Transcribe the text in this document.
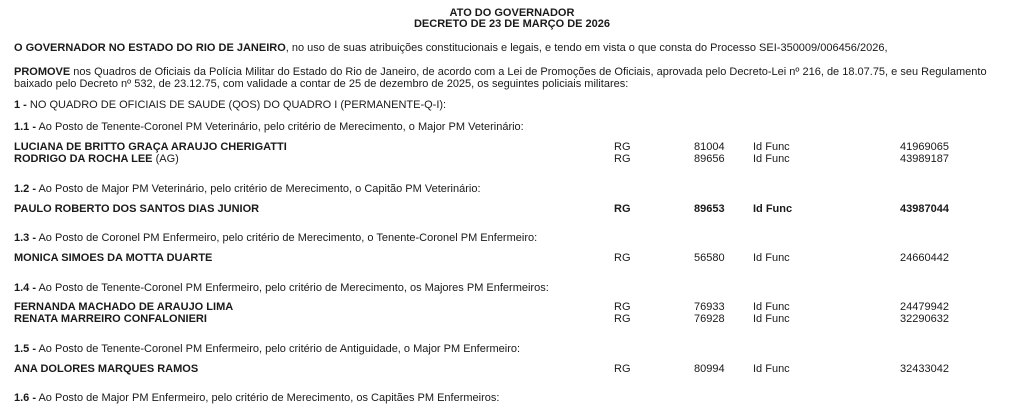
ATO DO GOVERNADOR
DECRETO DE 23 DE MARÇO DE 2026
O GOVERNADOR NO ESTADO DO RIO DE JANEIRO, no uso de suas atribuições constitucionais e legais, e tendo em vista o que consta do Processo SEI-350009/006456/2026,
PROMOVE nos Quadros de Oficiais da Polícia Militar do Estado do Rio de Janeiro, de acordo com a Lei de Promoções de Oficiais, aprovada pelo Decreto-Lei nº 216, de 18.07.75, e seu Regulamento baixado pelo Decreto nº 532, de 23.12.75, com validade a contar de 25 de dezembro de 2025, os seguintes policiais militares:
1 - NO QUADRO DE OFICIAIS DE SAUDE (QOS) DO QUADRO I (PERMANENTE-Q-I):
1.1 - Ao Posto de Tenente-Coronel PM Veterinário, pelo critério de Merecimento, o Major PM Veterinário:
LUCIANA DE BRITTO GRAÇA ARAUJO CHERIGATTI	RG	81004	Id Func	41969065
RODRIGO DA ROCHA LEE (AG)	RG	89656	Id Func	43989187
1.2 - Ao Posto de Major PM Veterinário, pelo critério de Merecimento, o Capitão PM Veterinário:
PAULO ROBERTO DOS SANTOS DIAS JUNIOR	RG	89653	Id Func	43987044
1.3 - Ao Posto de Coronel PM Enfermeiro, pelo critério de Merecimento, o Tenente-Coronel PM Enfermeiro:
MONICA SIMOES DA MOTTA DUARTE	RG	56580	Id Func	24660442
1.4 - Ao Posto de Tenente-Coronel PM Enfermeiro, pelo critério de Merecimento, os Majores PM Enfermeiros:
FERNANDA MACHADO DE ARAUJO LIMA	RG	76933	Id Func	24479942
RENATA MARREIRO CONFALONIERI	RG	76928	Id Func	32290632
1.5 - Ao Posto de Tenente-Coronel PM Enfermeiro, pelo critério de Antiguidade, o Major PM Enfermeiro:
ANA DOLORES MARQUES RAMOS	RG	80994	Id Func	32433042
1.6 - Ao Posto de Major PM Enfermeiro, pelo critério de Merecimento, os Capitães PM Enfermeiros:
